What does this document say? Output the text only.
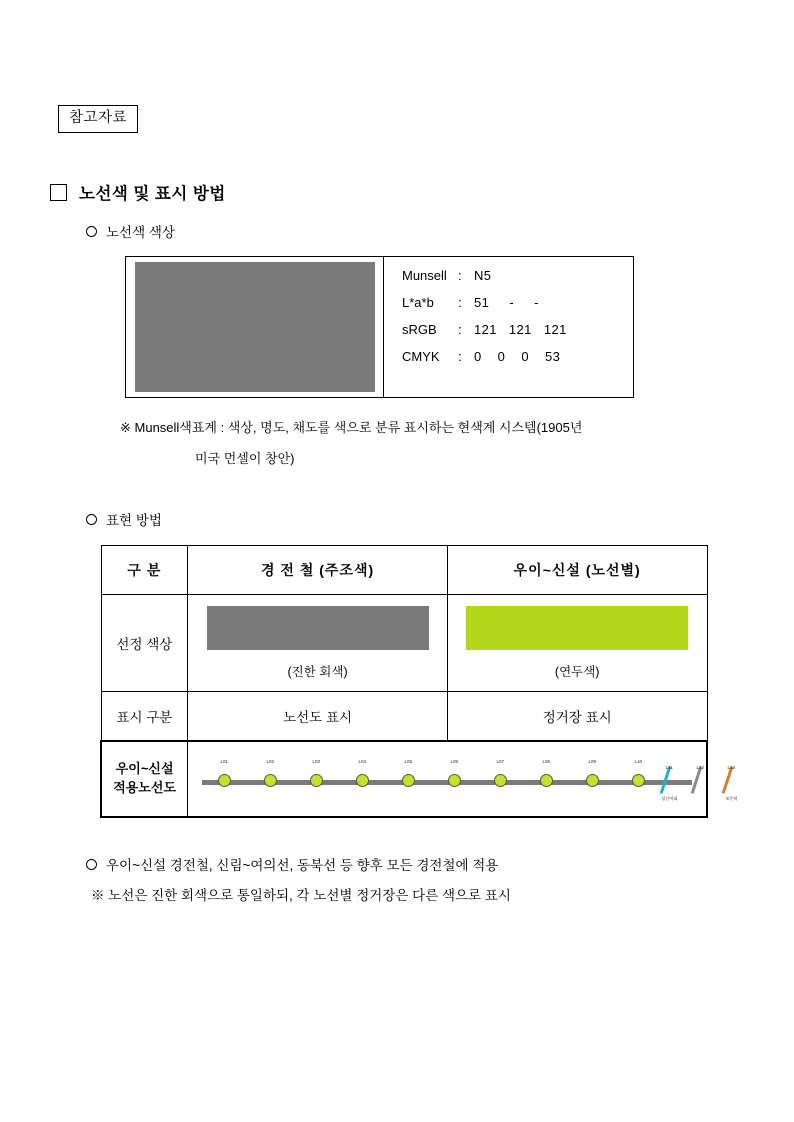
참고자료
노선색 및 표시 방법
노선색 색상
Munsell : N5
L*a*b	: 51     -     -
sRGB	: 121   121   121
CMYK	: 0    0    0    53
※ Munsell색표계 : 색상, 명도, 채도를 색으로 분류 표시하는 현색계 시스템(1905년
미국 먼셀이 창안)
표현 방법
구 분	경 전 철 (주조색)	우이~신설 (노선별)
선정 색상	(진한 회색)	(연두색)

표시 구분	노선도 표시	정거장 표시
우이~신설
적용노선도	
L01	L02	L03	L04	L05	L06	L07	L08	L09	L10
L11
성신여대
L12	L13
보문역
우이~신설 경전철, 신림~여의선, 동북선 등 향후 모든 경전철에 적용
※ 노선은 진한 회색으로 통일하되, 각 노선별 정거장은 다른 색으로 표시
